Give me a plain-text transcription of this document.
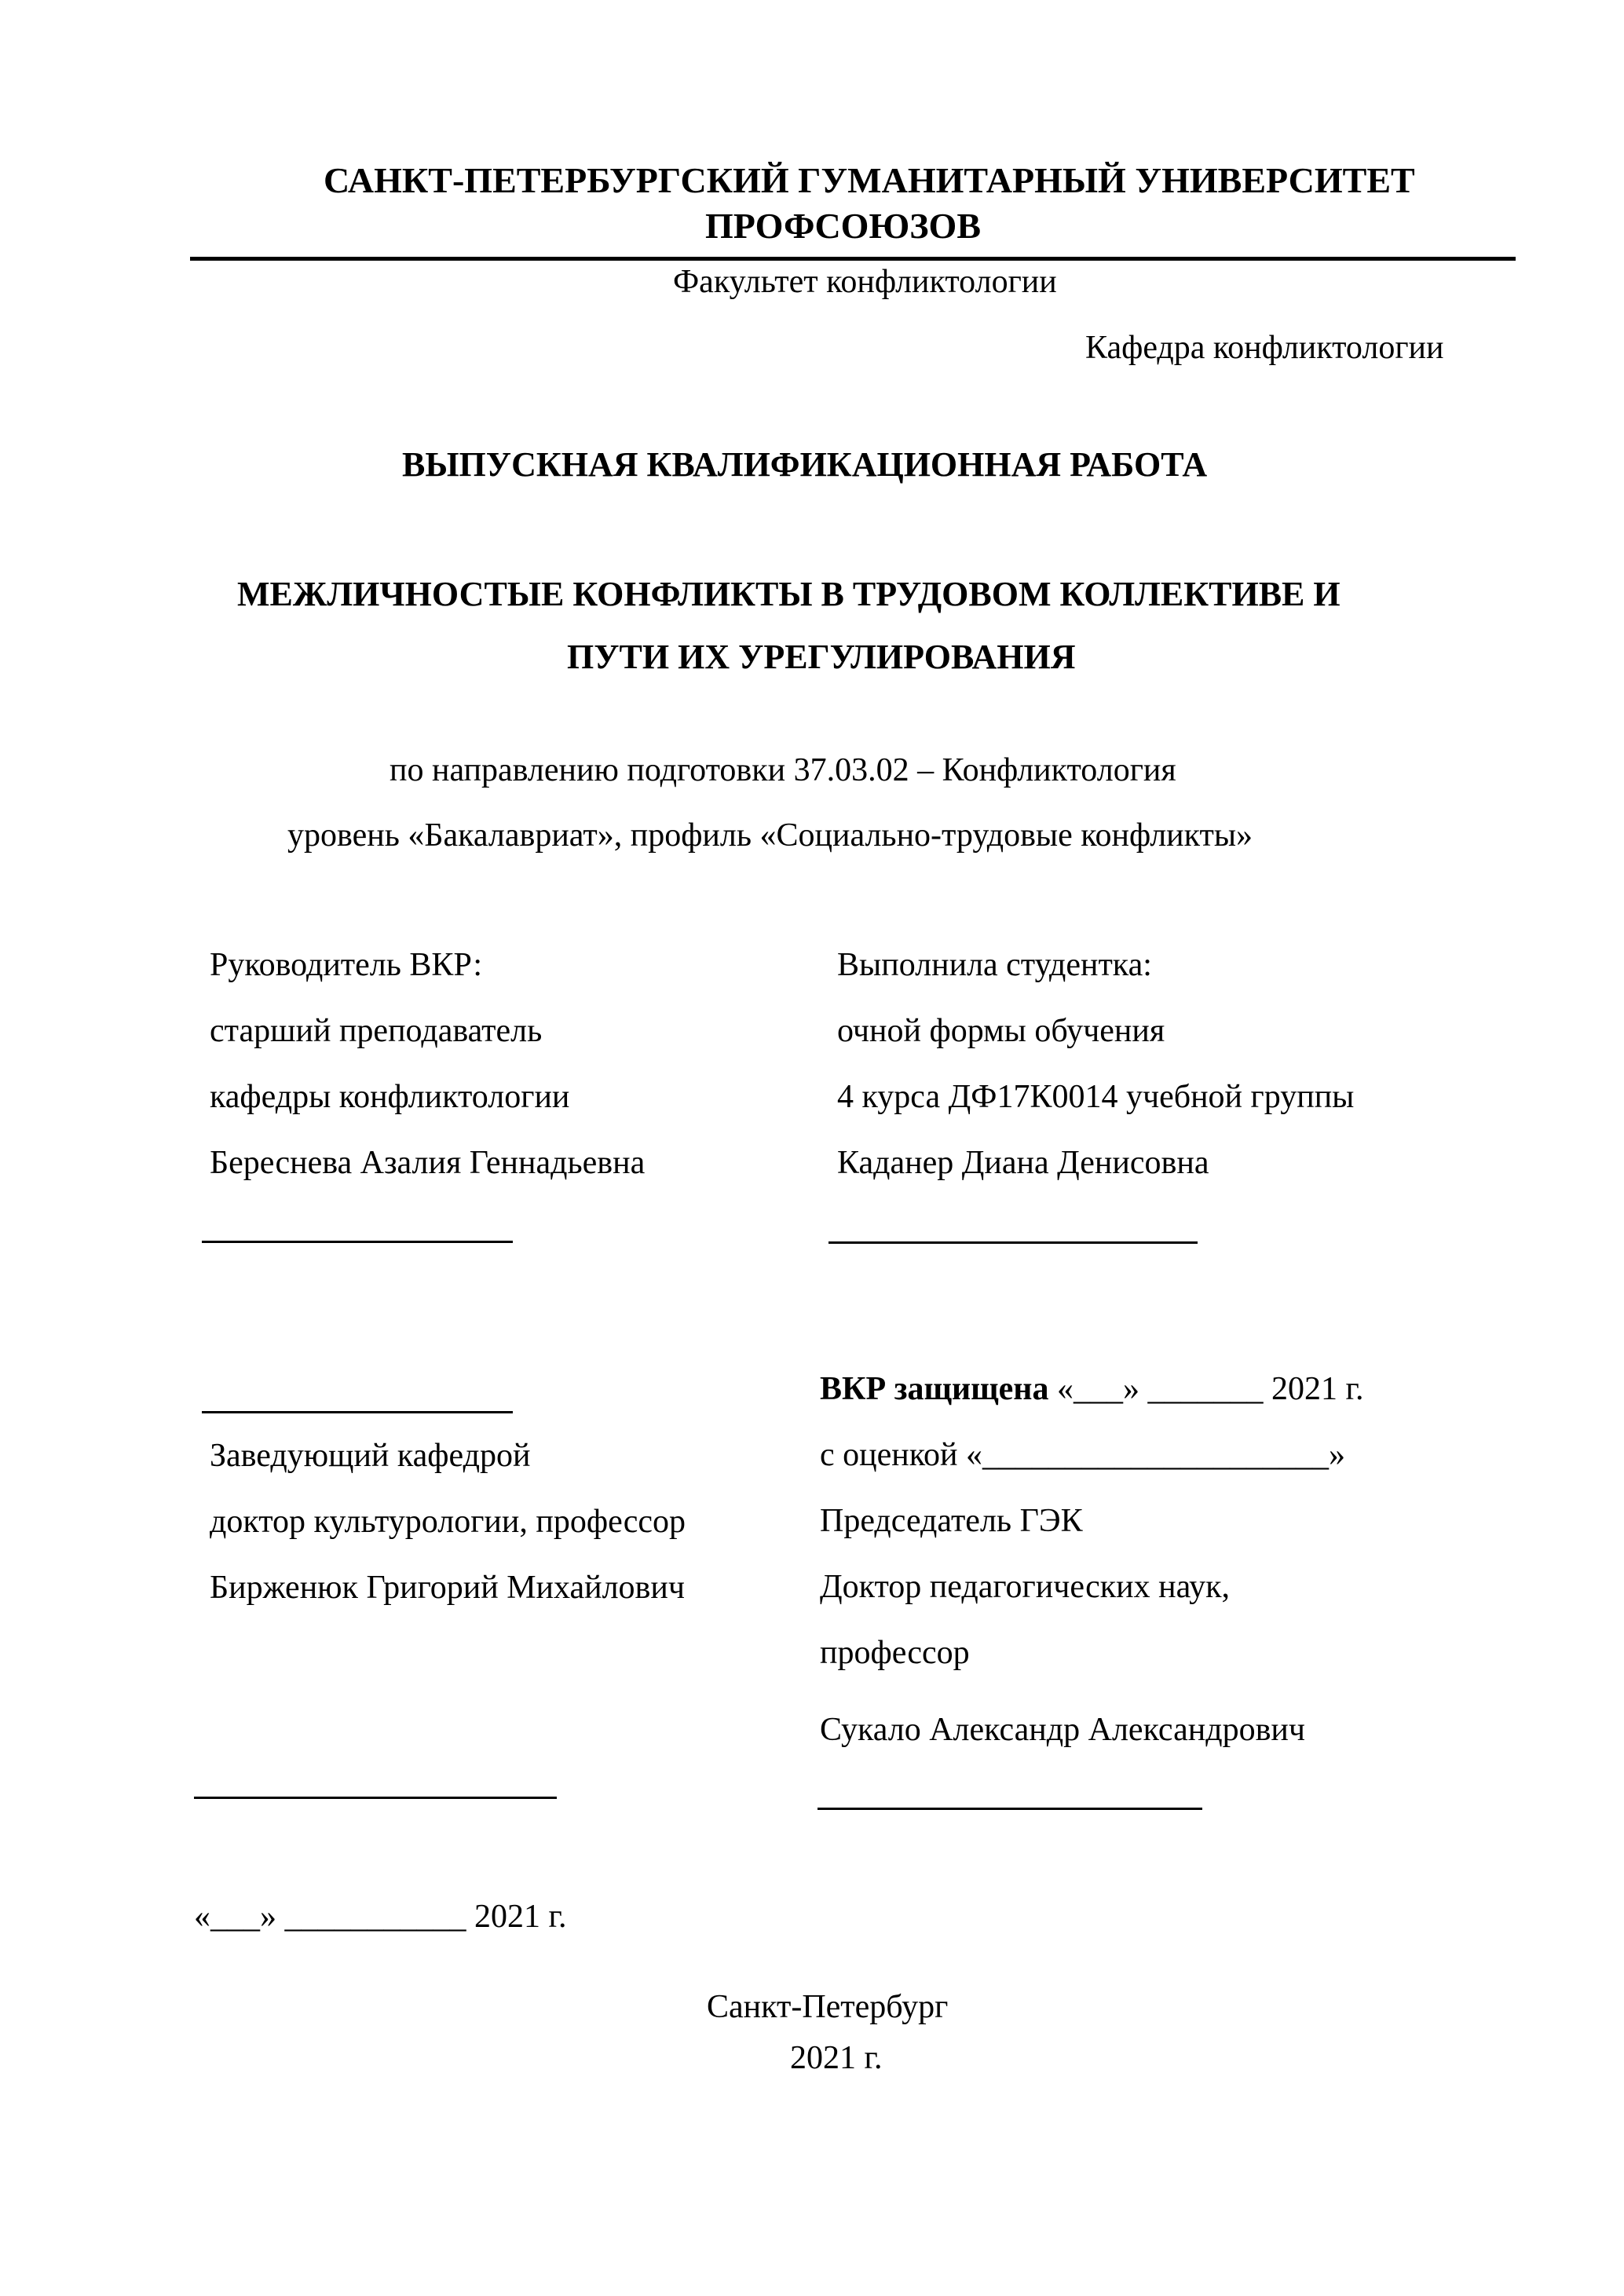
САНКТ-ПЕТЕРБУРГСКИЙ ГУМАНИТАРНЫЙ УНИВЕРСИТЕТ
ПРОФСОЮЗОВ
Факультет конфликтологии
Кафедра конфликтологии
ВЫПУСКНАЯ КВАЛИФИКАЦИОННАЯ РАБОТА
МЕЖЛИЧНОСТЫЕ КОНФЛИКТЫ В ТРУДОВОМ КОЛЛЕКТИВЕ И
ПУТИ ИХ УРЕГУЛИРОВАНИЯ
по направлению подготовки 37.03.02 – Конфликтология
уровень «Бакалавриат», профиль «Социально-трудовые конфликты»
Руководитель ВКР:
старший преподаватель
кафедры конфликтологии
Береснева Азалия Геннадьевна
Выполнила студентка:
очной формы обучения
4 курса ДФ17К0014 учебной группы
Каданер Диана Денисовна
Заведующий кафедрой
доктор культурологии, профессор
Бирженюк Григорий Михайлович
ВКР защищена «___» _______ 2021 г.
с оценкой «_____________________»
Председатель ГЭК
Доктор педагогических наук,
профессор
Сукало Александр Александрович
«___» ___________ 2021 г.
Санкт-Петербург
2021 г.
